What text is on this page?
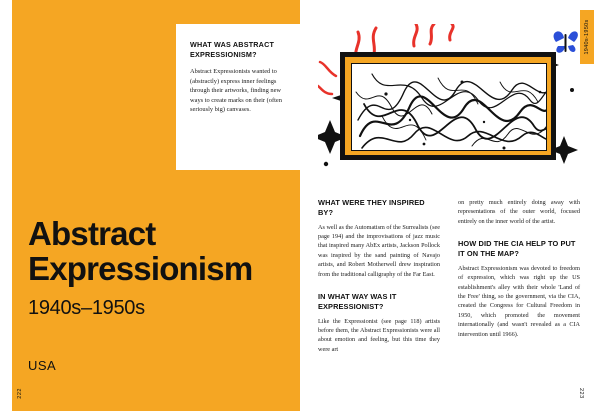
WHAT WAS ABSTRACT EXPRESSIONISM?

Abstract Expressionists wanted to (abstractly) express inner feelings through their artworks, finding new ways to create marks on their (often seriously big) canvases.

Abstract Expressionism
1940s–1950s
USA
222
1940s-1950s
WHAT WERE THEY INSPIRED BY?

As well as the Automatism of the Surrealists (see page 194) and the improvisations of jazz music that inspired many AbEx artists, Jackson Pollock was inspired by the sand painting of Navajo artists, and Robert Motherwell drew inspiration from the traditional calligraphy of the Far East.

IN WHAT WAY WAS IT EXPRESSIONIST?

Like the Expressionist (see page 118) artists before them, the Abstract Expressionists were all about emotion and feeling, but this time they were art

on pretty much entirely doing away with representations of the outer world, focused entirely on the inner world of the artist.

HOW DID THE CIA HELP TO PUT IT ON THE MAP?

Abstract Expressionism was devoted to freedom of expression, which was right up the US establishment's alley with their whole 'Land of the Free' thing, so the government, via the CIA, created the Congress for Cultural Freedom in 1950, which promoted the movement internationally (and wasn't revealed as a CIA intervention until 1966).

223
